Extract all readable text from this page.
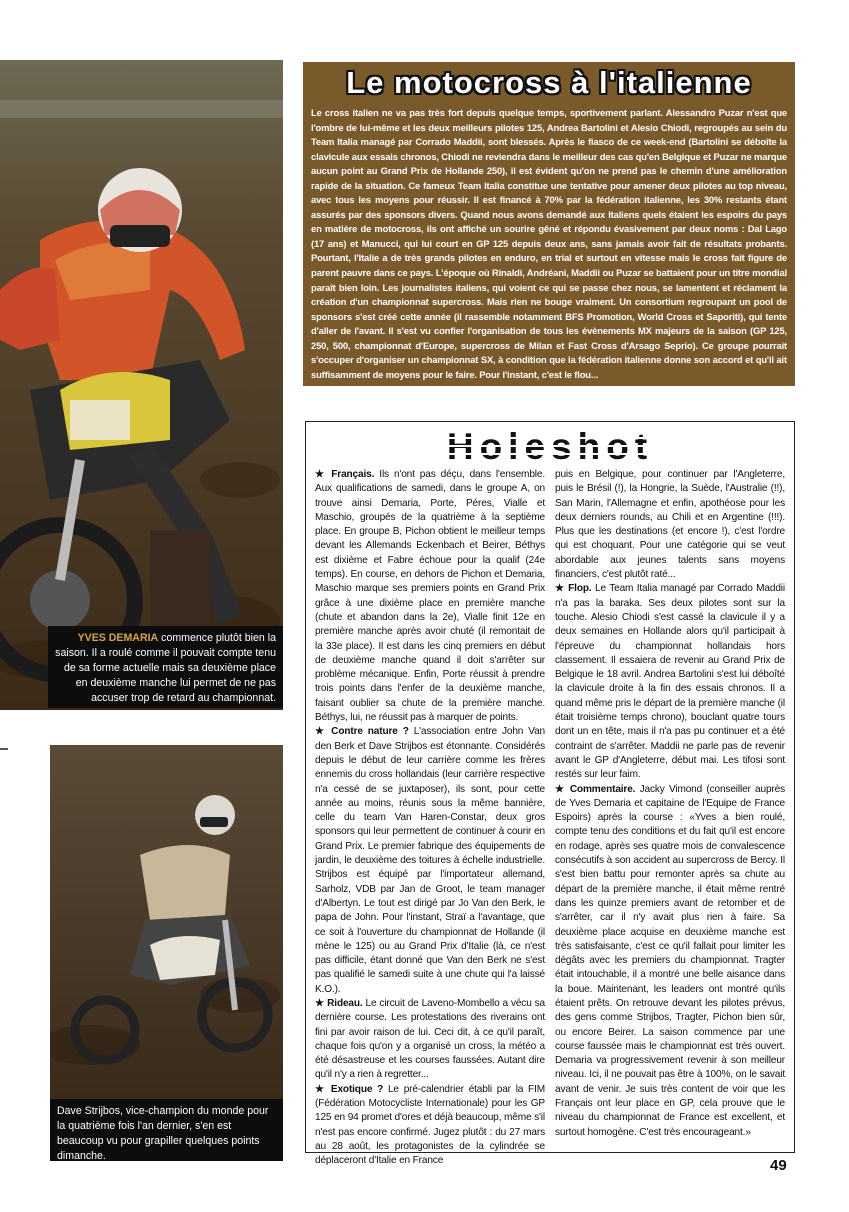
YVES DEMARIA commence plutôt bien la saison. Il a roulé comme il pouvait compte tenu de sa forme actuelle mais sa deuxième place en deuxième manche lui permet de ne pas accuser trop de retard au championnat.
Dave Strijbos, vice-champion du monde pour la quatrième fois l'an dernier, s'en est beaucoup vu pour grapiller quelques points dimanche.
Le motocross à l'italienne

Le cross italien ne va pas très fort depuis quelque temps, sportivement parlant. Alessandro Puzar n'est que l'ombre de lui-même et les deux meilleurs pilotes 125, Andrea Bartolini et Alesio Chiodi, regroupés au sein du Team Italia managé par Corrado Maddii, sont blessés. Après le fiasco de ce week-end (Bartolini se déboîte la clavicule aux essais chronos, Chiodi ne reviendra dans le meilleur des cas qu'en Belgique et Puzar ne marque aucun point au Grand Prix de Hollande 250), il est évident qu'on ne prend pas le chemin d'une amélioration rapide de la situation. Ce fameux Team Italia constitue une tentative pour amener deux pilotes au top niveau, avec tous les moyens pour réussir. Il est financé à 70% par la fédération italienne, les 30% restants étant assurés par des sponsors divers. Quand nous avons demandé aux Italiens quels étaient les espoirs du pays en matière de motocross, ils ont affiché un sourire gêné et répondu évasivement par deux noms : Dal Lago (17 ans) et Manucci, qui lui court en GP 125 depuis deux ans, sans jamais avoir fait de résultats probants. Pourtant, l'Italie a de très grands pilotes en enduro, en trial et surtout en vitesse mais le cross fait figure de parent pauvre dans ce pays. L'époque où Rinaldi, Andréani, Maddii ou Puzar se battaient pour un titre mondial paraît bien loin. Les journalistes italiens, qui voient ce qui se passe chez nous, se lamentent et réclament la création d'un championnat supercross. Mais rien ne bouge vraiment. Un consortium regroupant un pool de sponsors s'est créé cette année (il rassemble notamment BFS Promotion, World Cross et Saporiti), qui tente d'aller de l'avant. Il s'est vu confier l'organisation de tous les évènements MX majeurs de la saison (GP 125, 250, 500, championnat d'Europe, supercross de Milan et Fast Cross d'Arsago Seprio). Ce groupe pourrait s'occuper d'organiser un championnat SX, à condition que la fédération italienne donne son accord et qu'il ait suffisamment de moyens pour le faire. Pour l'instant, c'est le flou...

Holeshot

★ Français. Ils n'ont pas déçu, dans l'ensemble. Aux qualifications de samedi, dans le groupe A, on trouve ainsi Demaria, Porte, Péres, Vialle et Maschio, groupés de la quatrième à la septième place. En groupe B, Pichon obtient le meilleur temps devant les Allemands Eckenbach et Beirer, Béthys est dixième et Fabre échoue pour la qualif (24e temps). En course, en dehors de Pichon et Demaria, Maschio marque ses premiers points en Grand Prix grâce à une dixième place en première manche (chute et abandon dans la 2e), Vialle finit 12e en première manche après avoir chuté (il remontait de la 33e place). Il est dans les cinq premiers en début de deuxième manche quand il doit s'arrêter sur problème mécanique. Enfin, Porte réussit à prendre trois points dans l'enfer de la deuxième manche, faisant oublier sa chute de la première manche. Béthys, lui, ne réussit pas à marquer de points.

★ Contre nature ? L'association entre John Van den Berk et Dave Strijbos est étonnante. Considérés depuis le début de leur carrière comme les frères ennemis du cross hollandais (leur carrière respective n'a cessé de se juxtaposer), ils sont, pour cette année au moins, réunis sous la même bannière, celle du team Van Haren-Constar, deux gros sponsors qui leur permettent de continuer à courir en Grand Prix. Le premier fabrique des équipements de jardin, le deuxième des toitures à échelle industrielle. Strijbos est équipé par l'importateur allemand, Sarholz, VDB par Jan de Groot, le team manager d'Albertyn. Le tout est dirigé par Jo Van den Berk, le papa de John. Pour l'instant, Straï a l'avantage, que ce soit à l'ouverture du championnat de Hollande (il mène le 125) ou au Grand Prix d'Italie (là, ce n'est pas difficile, étant donné que Van den Berk ne s'est pas qualifié le samedi suite à une chute qui l'a laissé K.O.).

★ Rideau. Le circuit de Laveno-Mombello a vécu sa dernière course. Les protestations des riverains ont fini par avoir raison de lui. Ceci dit, à ce qu'il paraît, chaque fois qu'on y a organisé un cross, la météo a été désastreuse et les courses faussées. Autant dire qu'il n'y a rien à regretter...

★ Exotique ? Le pré-calendrier établi par la FIM (Fédération Motocycliste Internationale) pour les GP 125 en 94 promet d'ores et déjà beaucoup, même s'il n'est pas encore confirmé. Jugez plutôt : du 27 mars au 28 août, les protagonistes de la cylindrée se déplaceront d'Italie en France

puis en Belgique, pour continuer par l'Angleterre, puis le Brésil (!), la Hongrie, la Suède, l'Australie (!!), San Marin, l'Allemagne et enfin, apothéose pour les deux derniers rounds, au Chili et en Argentine (!!!). Plus que les destinations (et encore !), c'est l'ordre qui est choquant. Pour une catégorie qui se veut abordable aux jeunes talents sans moyens financiers, c'est plutôt raté...

★ Flop. Le Team Italia managé par Corrado Maddii n'a pas la baraka. Ses deux pilotes sont sur la touche. Alesio Chiodi s'est cassé la clavicule il y a deux semaines en Hollande alors qu'il participait à l'épreuve du championnat hollandais hors classement. Il essaiera de revenir au Grand Prix de Belgique le 18 avril. Andrea Bartolini s'est lui déboîté la clavicule droite à la fin des essais chronos. Il a quand même pris le départ de la première manche (il était troisième temps chrono), bouclant quatre tours dont un en tête, mais il n'a pas pu continuer et a été contraint de s'arrêter. Maddii ne parle pas de revenir avant le GP d'Angleterre, début mai. Les tifosi sont restés sur leur faim.

★ Commentaire. Jacky Vimond (conseiller auprès de Yves Demaria et capitaine de l'Equipe de France Espoirs) après la course : «Yves a bien roulé, compte tenu des conditions et du fait qu'il est encore en rodage, après ses quatre mois de convalescence consécutifs à son accident au supercross de Bercy. Il s'est bien battu pour remonter après sa chute au départ de la première manche, il était même rentré dans les quinze premiers avant de retomber et de s'arrêter, car il n'y avait plus rien à faire. Sa deuxième place acquise en deuxième manche est très satisfaisante, c'est ce qu'il fallait pour limiter les dégâts avec les premiers du championnat. Tragter était intouchable, il a montré une belle aisance dans la boue. Maintenant, les leaders ont montré qu'ils étaient prêts. On retrouve devant les pilotes prévus, des gens comme Strijbos, Tragter, Pichon bien sûr, ou encore Beirer. La saison commence par une course faussée mais le championnat est très ouvert. Demaria va progressivement revenir à son meilleur niveau. Ici, il ne pouvait pas être à 100%, on le savait avant de venir. Je suis très content de voir que les Français ont leur place en GP, cela prouve que le niveau du championnat de France est excellent, et surtout homogène. C'est très encourageant.»

49
